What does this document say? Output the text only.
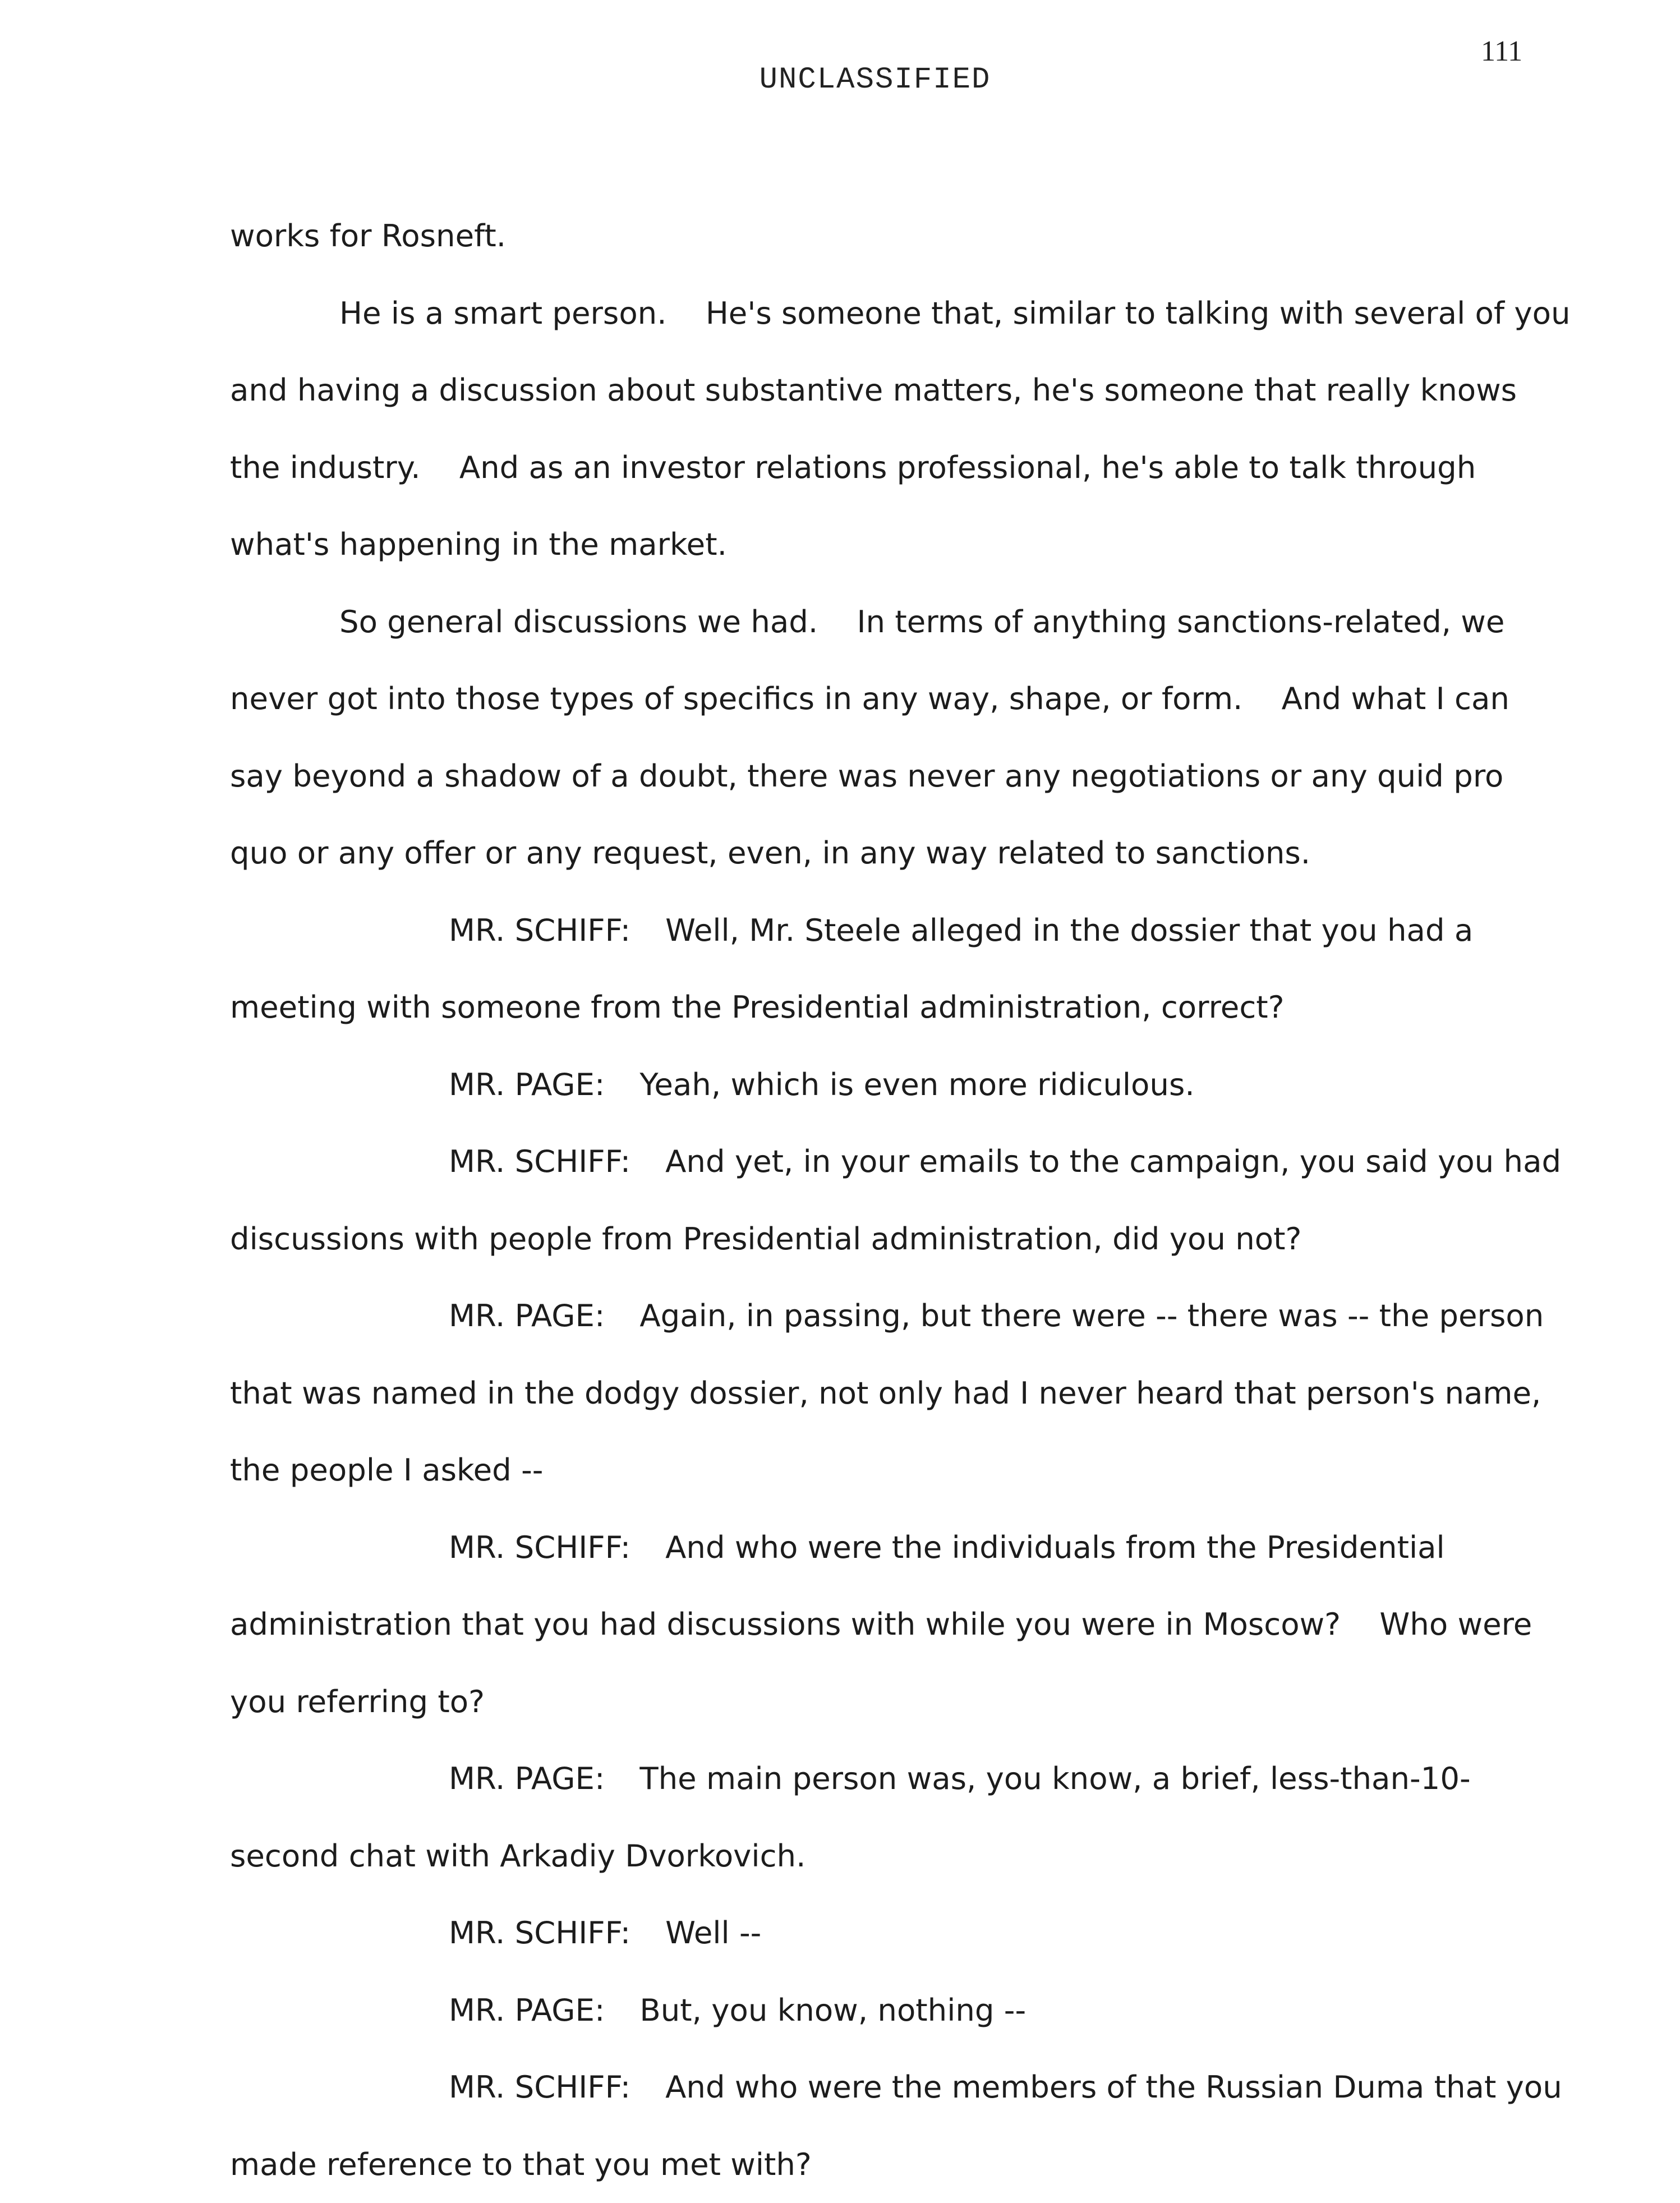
111
UNCLASSIFIED

works for Rosneft.

He is a smart person.    He's someone that, similar to talking with several of you and having a discussion about substantive matters, he's someone that really knows the industry.    And as an investor relations professional, he's able to talk through what's happening in the market.

So general discussions we had.    In terms of anything sanctions-related, we never got into those types of specifics in any way, shape, or form.    And what I can say beyond a shadow of a doubt, there was never any negotiations or any quid pro quo or any offer or any request, even, in any way related to sanctions.

MR. SCHIFF: Well, Mr. Steele alleged in the dossier that you had a meeting with someone from the Presidential administration, correct?

MR. PAGE: Yeah, which is even more ridiculous.

MR. SCHIFF: And yet, in your emails to the campaign, you said you had discussions with people from Presidential administration, did you not?

MR. PAGE: Again, in passing, but there were -- there was -- the person that was named in the dodgy dossier, not only had I never heard that person's name, the people I asked --

MR. SCHIFF: And who were the individuals from the Presidential administration that you had discussions with while you were in Moscow?    Who were you referring to?

MR. PAGE: The main person was, you know, a brief, less-than-10-second chat with Arkadiy Dvorkovich.

MR. SCHIFF: Well --

MR. PAGE: But, you know, nothing --

MR. SCHIFF: And who were the members of the Russian Duma that you made reference to that you met with?
